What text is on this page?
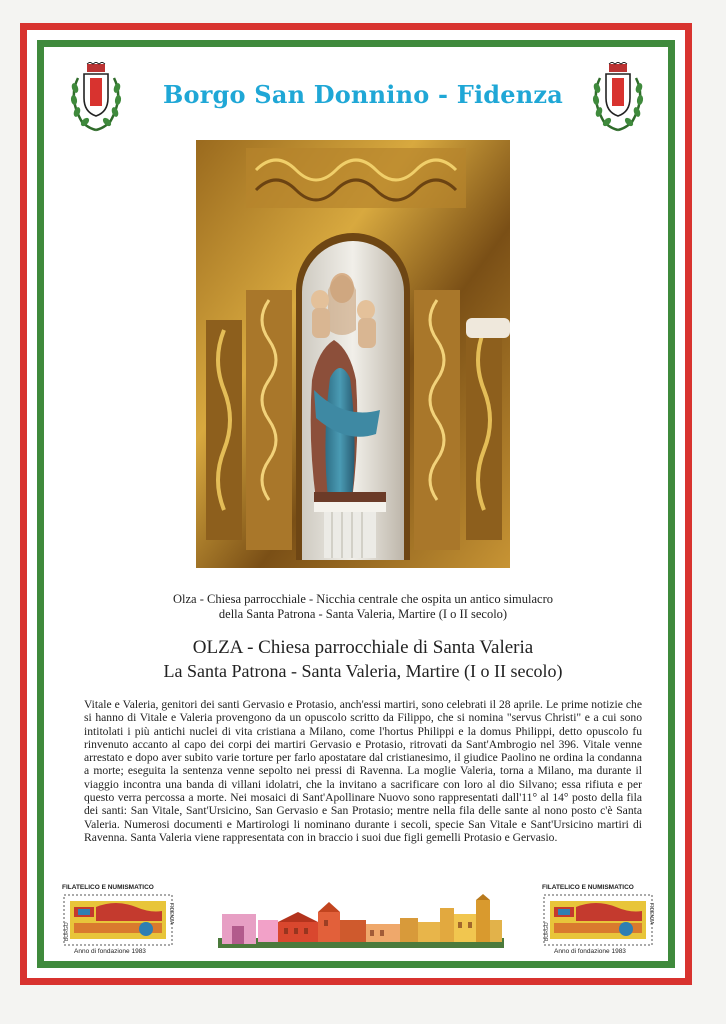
Borgo San Donnino - Fidenza
Olza - Chiesa parrocchiale - Nicchia centrale che ospita un antico simulacro
della Santa Patrona - Santa Valeria, Martire (I o II secolo)
OLZA - Chiesa parrocchiale di Santa Valeria
La Santa Patrona - Santa Valeria, Martire (I o II secolo)
Vitale e Valeria, genitori dei santi Gervasio e Protasio, anch'essi martiri, sono celebrati il 28 aprile. Le prime notizie che si hanno di Vitale e Valeria provengono da un opuscolo scritto da Filippo, che si nomina "servus Christi" e a cui sono intitolati i più antichi nuclei di vita cristiana a Milano, come l'hortus Philippi e la domus Philippi, detto opuscolo fu rinvenuto accanto al capo dei corpi dei martiri Gervasio e Protasio, ritrovati da Sant'Ambrogio nel 396. Vitale venne arrestato e dopo aver subito varie torture per farlo apostatare dal cristianesimo, il giudice Paolino ne ordina la condanna a morte; eseguita la sentenza venne sepolto nei pressi di Ravenna. La moglie Valeria, torna a Milano, ma durante il viaggio incontra una banda di villani idolatri, che la invitano a sacrificare con loro al dio Silvano; essa rifiuta e per questo verra percossa a morte. Nei mosaici di Sant'Apollinare Nuovo sono rappresentati dall'11° al 14° posto della fila dei santi: San Vitale, Sant'Ursicino, San Gervasio e San Protasio; mentre nella fila delle sante al nono posto c'è Santa Valeria. Numerosi documenti e Martirologi li nominano durante i secoli, specie San Vitale e Sant'Ursicino martiri di Ravenna. Santa Valeria viene rappresentata con in braccio i suoi due figli gemelli Protasio e Gervasio.
FILATELICO E NUMISMATICO
BORGO
FIDENZA
Anno di fondazione 1983
FILATELICO E NUMISMATICO
BORGO
FIDENZA
Anno di fondazione 1983
